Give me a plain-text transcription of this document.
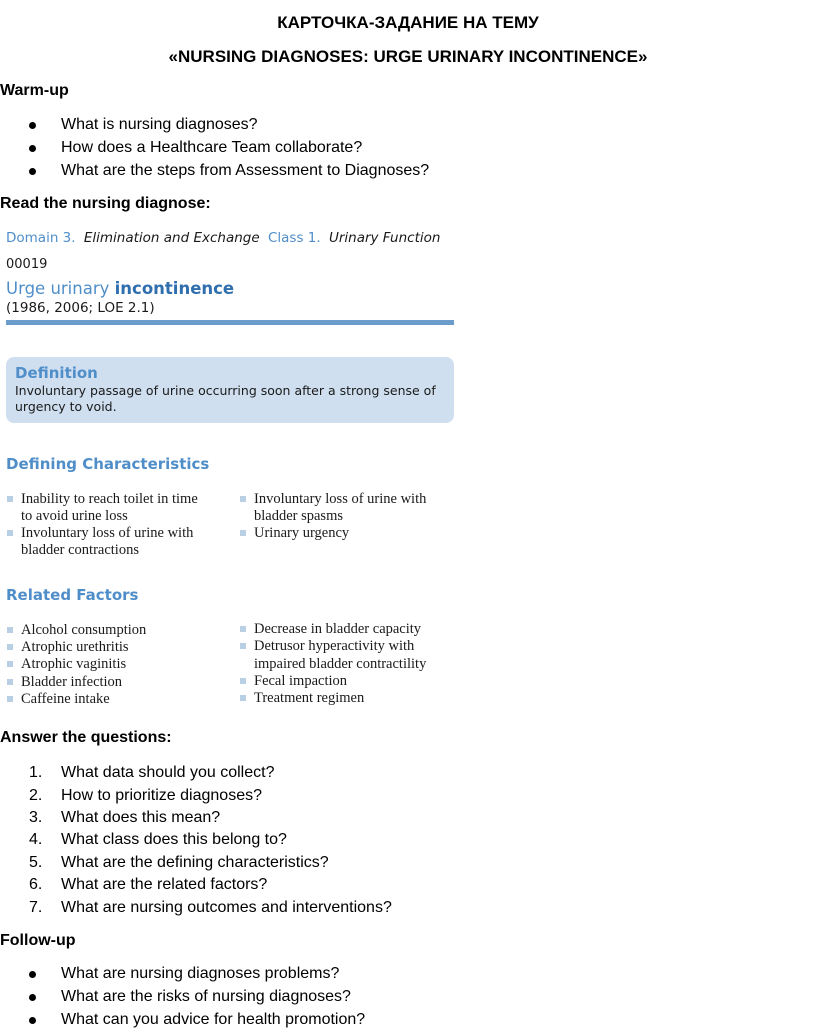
КАРТОЧКА-ЗАДАНИЕ НА ТЕМУ
«NURSING DIAGNOSES: URGE URINARY INCONTINENCE»
Warm-up
What is nursing diagnoses?
How does a Healthcare Team collaborate?
What are the steps from Assessment to Diagnoses?
Read the nursing diagnose:
Domain 3. Elimination and Exchange Class 1. Urinary Function
00019
Urge urinary incontinence
(1986, 2006; LOE 2.1)
Definition
Involuntary passage of urine occurring soon after a strong sense of
urgency to void.
Defining Characteristics
Inability to reach toilet in time
to avoid urine loss
Involuntary loss of urine with
bladder contractions
Involuntary loss of urine with
bladder spasms
Urinary urgency
Related Factors
Alcohol consumption
Atrophic urethritis
Atrophic vaginitis
Bladder infection
Caffeine intake
Decrease in bladder capacity
Detrusor hyperactivity with
impaired bladder contractility
Fecal impaction
Treatment regimen
Answer the questions:
1. What data should you collect?
2. How to prioritize diagnoses?
3. What does this mean?
4. What class does this belong to?
5. What are the defining characteristics?
6. What are the related factors?
7. What are nursing outcomes and interventions?
Follow-up
What are nursing diagnoses problems?
What are the risks of nursing diagnoses?
What can you advice for health promotion?
